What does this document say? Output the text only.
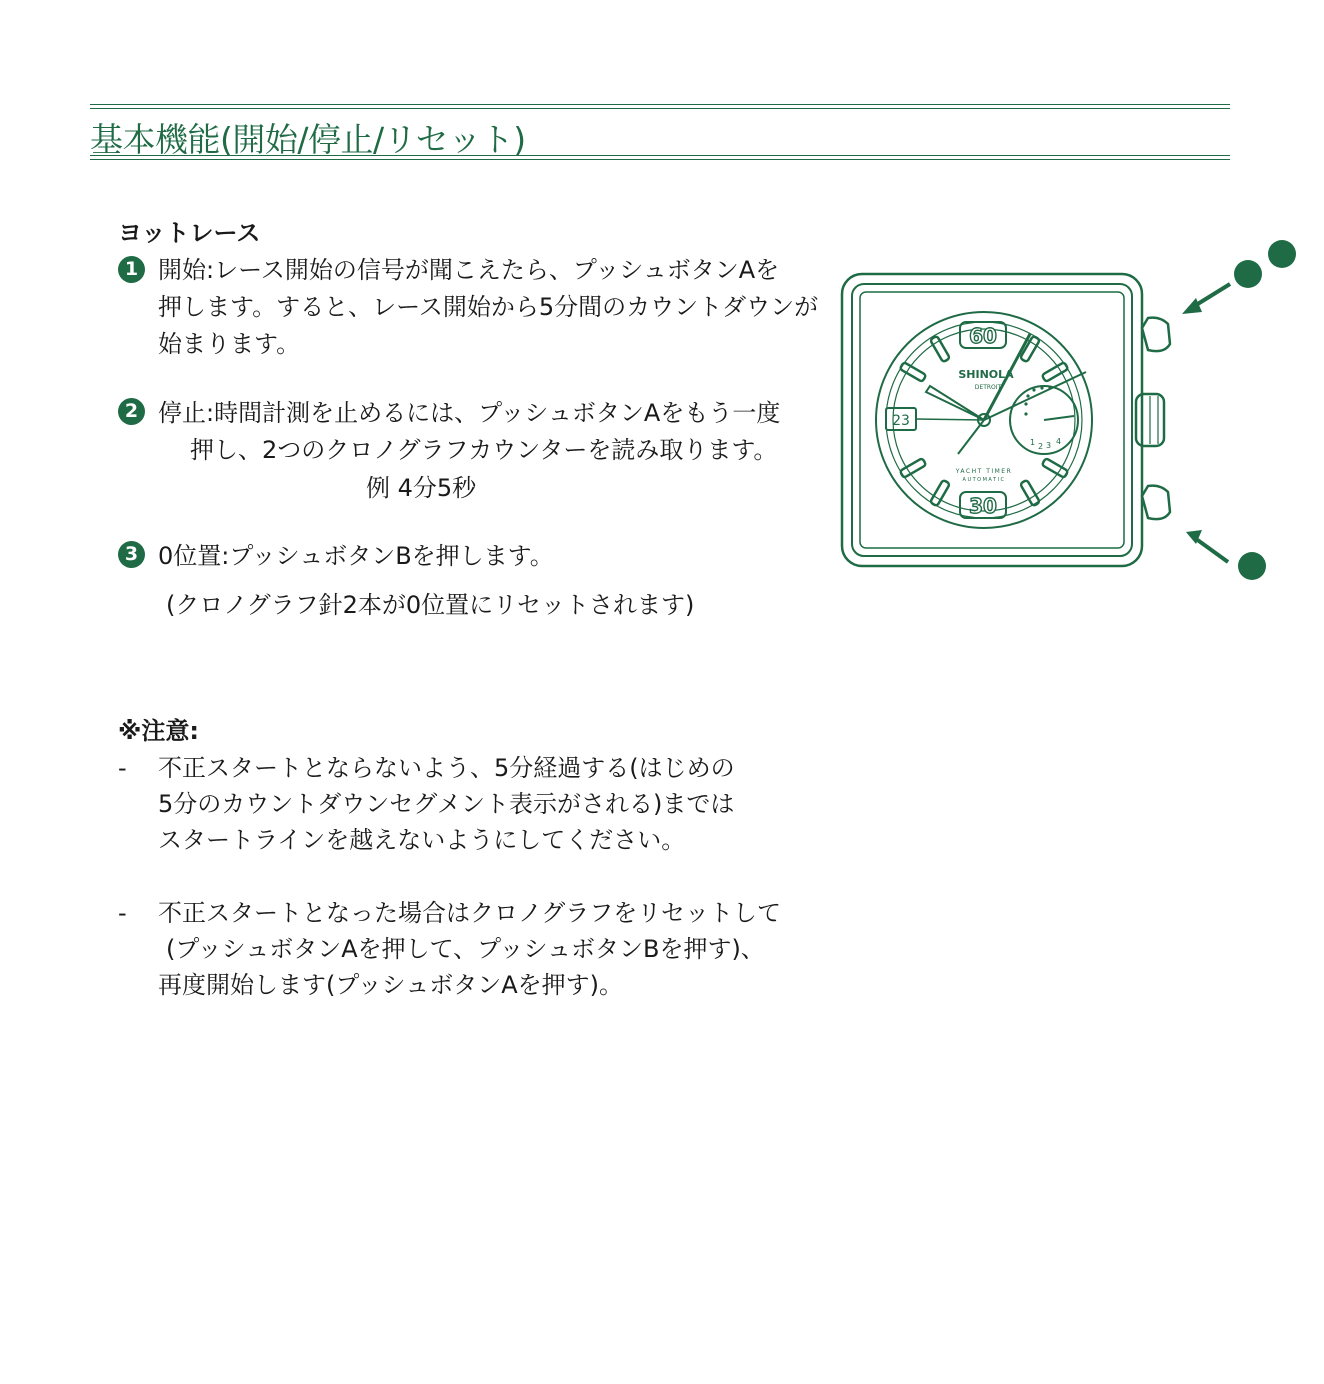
基本機能(開始/停止/リセット)
ヨットレース
1 開始:レース開始の信号が聞こえたら、プッシュボタンAを
押します。すると、レース開始から5分間のカウントダウンが
始まります。
2 停止:時間計測を止めるには、プッシュボタンAをもう一度
押し、2つのクロノグラフカウンターを読み取ります。
例 4分5秒
3 0位置:プッシュボタンBを押します。
(クロノグラフ針2本が0位置にリセットされます)
※注意:
- 不正スタートとならないよう、5分経過する(はじめの
5分のカウントダウンセグメント表示がされる)までは
スタートラインを越えないようにしてください。
- 不正スタートとなった場合はクロノグラフをリセットして
(プッシュボタンAを押して、プッシュボタンBを押す)、
再度開始します(プッシュボタンAを押す)。
60
30
SHINOLA
DETROIT
23
YACHT TIMER
AUTOMATIC
1 2 3 4
